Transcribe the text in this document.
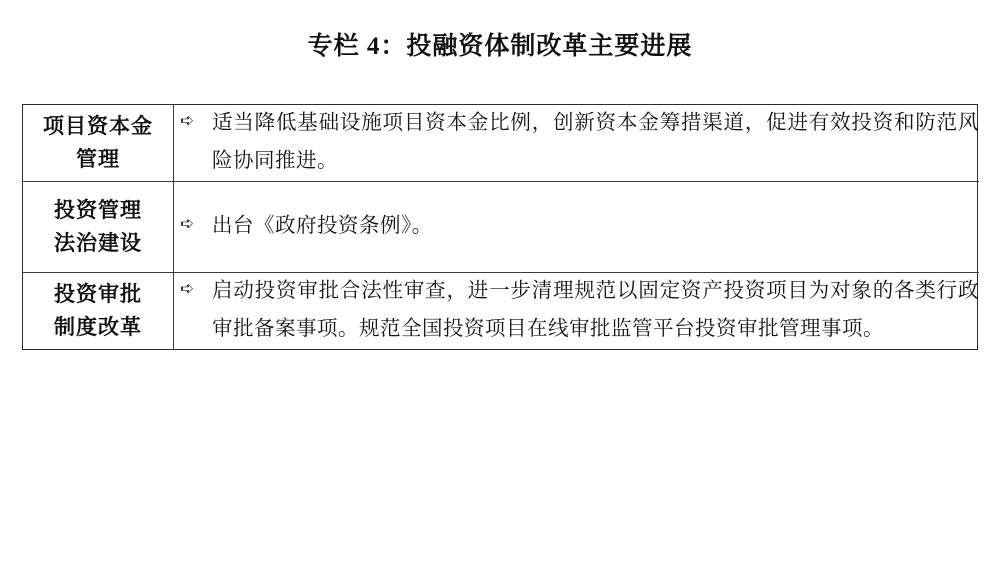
专栏 4：投融资体制改革主要进展
项目资本金
管理	➪ 适当降低基础设施项目资本金比例，创新资本金筹措渠道，促进有效投资和防范风险协同推进。

投资管理
法治建设	➪ 出台《政府投资条例》。

投资审批
制度改革	➪ 启动投资审批合法性审查，进一步清理规范以固定资产投资项目为对象的各类行政审批备案事项。规范全国投资项目在线审批监管平台投资审批管理事项。
